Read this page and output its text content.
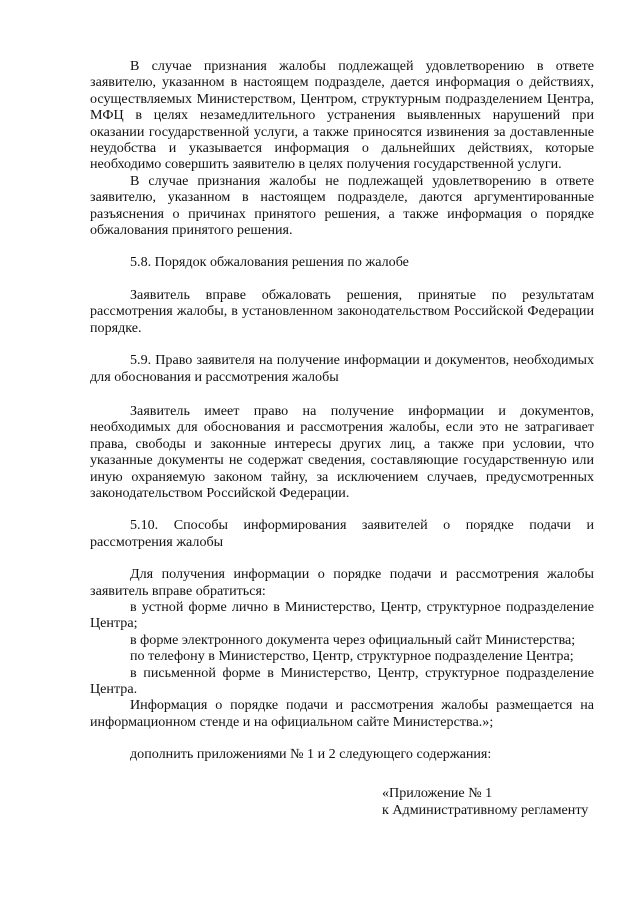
В случае признания жалобы подлежащей удовлетворению в ответе заявителю, указанном в настоящем подразделе, дается информация о действиях, осуществляемых Министерством, Центром, структурным подразделением Центра, МФЦ в целях незамедлительного устранения выявленных нарушений при оказании государственной услуги, а также приносятся извинения за доставленные неудобства и указывается информация о дальнейших действиях, которые необходимо совершить заявителю в целях получения государственной услуги.

В случае признания жалобы не подлежащей удовлетворению в ответе заявителю, указанном в настоящем подразделе, даются аргументированные разъяснения о причинах принятого решения, а также информация о порядке обжалования принятого решения.

5.8. Порядок обжалования решения по жалобе

Заявитель вправе обжаловать решения, принятые по результатам рассмотрения жалобы, в установленном законодательством Российской Федерации порядке.

5.9. Право заявителя на получение информации и документов, необходимых для обоснования и рассмотрения жалобы

Заявитель имеет право на получение информации и документов, необходимых для обоснования и рассмотрения жалобы, если это не затрагивает права, свободы и законные интересы других лиц, а также при условии, что указанные документы не содержат сведения, составляющие государственную или иную охраняемую законом тайну, за исключением случаев, предусмотренных законодательством Российской Федерации.

5.10. Способы информирования заявителей о порядке подачи и рассмотрения жалобы

Для получения информации о порядке подачи и рассмотрения жалобы заявитель вправе обратиться:

в устной форме лично в Министерство, Центр, структурное подразделение Центра;

в форме электронного документа через официальный сайт Министерства;

по телефону в Министерство, Центр, структурное подразделение Центра;

в письменной форме в Министерство, Центр, структурное подразделение Центра.

Информация о порядке подачи и рассмотрения жалобы размещается на информационном стенде и на официальном сайте Министерства.»;

дополнить приложениями № 1 и 2 следующего содержания:

«Приложение № 1
к Административному регламенту
